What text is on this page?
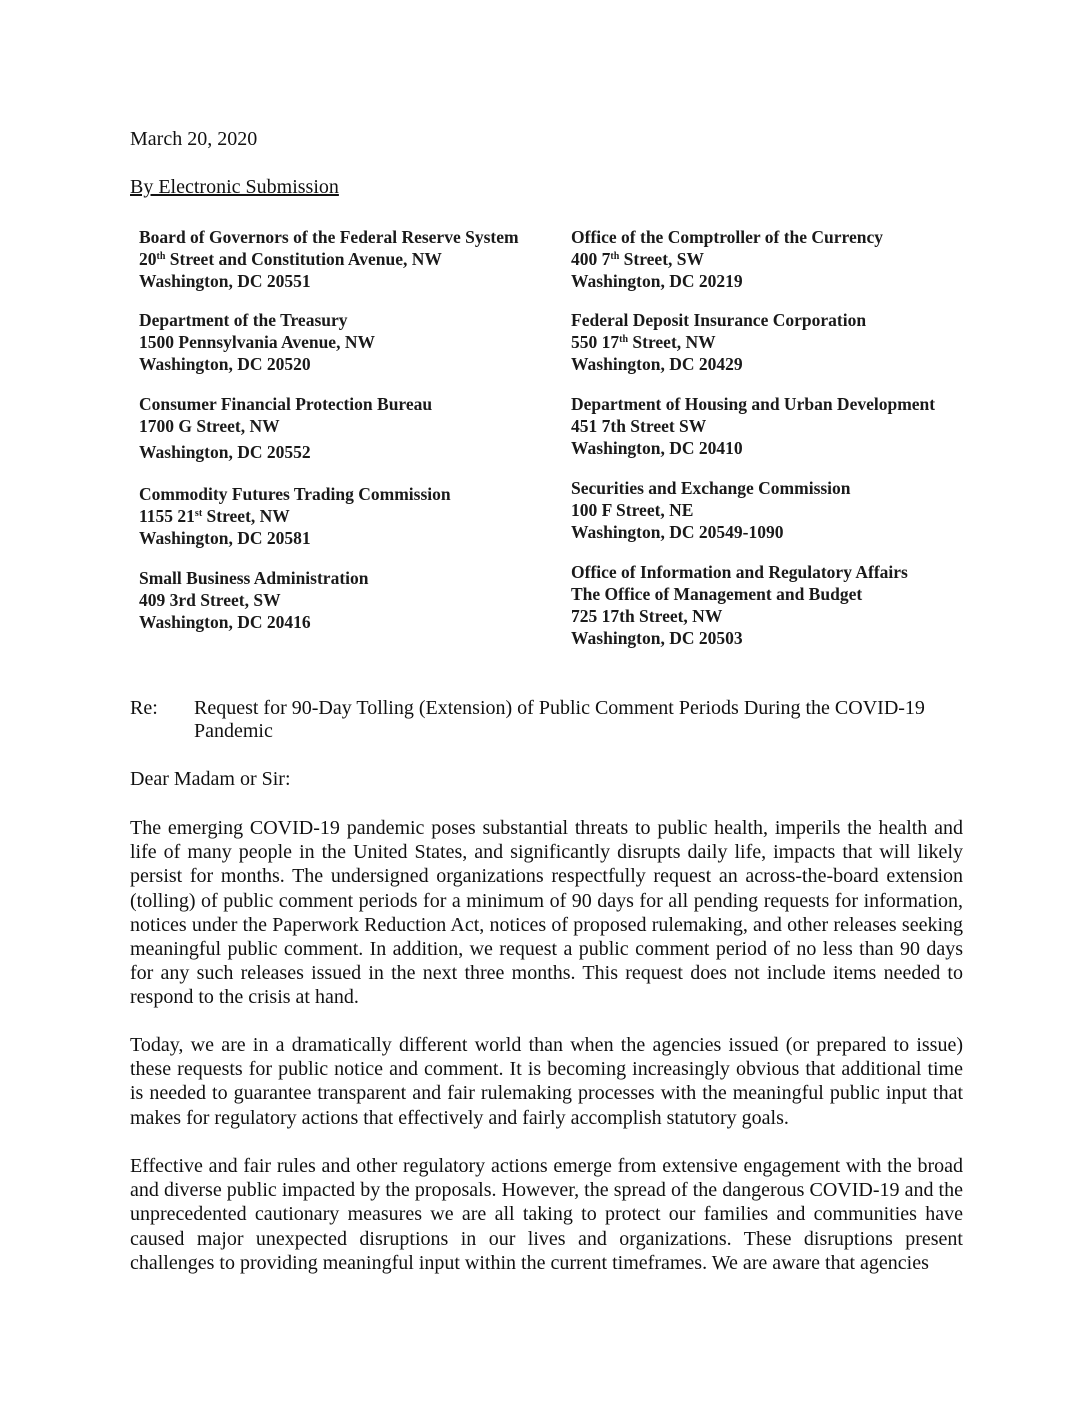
March 20, 2020
By Electronic Submission
Board of Governors of the Federal Reserve System
20th Street and Constitution Avenue, NW
Washington, DC 20551
Department of the Treasury
1500 Pennsylvania Avenue, NW
Washington, DC 20520
Consumer Financial Protection Bureau
1700 G Street, NW
Washington, DC 20552
Commodity Futures Trading Commission
1155 21st Street, NW
Washington, DC 20581
Small Business Administration
409 3rd Street, SW
Washington, DC 20416
Office of the Comptroller of the Currency
400 7th Street, SW
Washington, DC 20219
Federal Deposit Insurance Corporation
550 17th Street, NW
Washington, DC 20429
Department of Housing and Urban Development
451 7th Street SW
Washington, DC 20410
Securities and Exchange Commission
100 F Street, NE
Washington, DC 20549-1090
Office of Information and Regulatory Affairs
The Office of Management and Budget
725 17th Street, NW
Washington, DC 20503
Re: Request for 90-Day Tolling (Extension) of Public Comment Periods During the COVID-19 Pandemic
Dear Madam or Sir:

The emerging COVID-19 pandemic poses substantial threats to public health, imperils the health and life of many people in the United States, and significantly disrupts daily life, impacts that will likely persist for months. The undersigned organizations respectfully request an across-the-board extension (tolling) of public comment periods for a minimum of 90 days for all pending requests for information, notices under the Paperwork Reduction Act, notices of proposed rulemaking, and other releases seeking meaningful public comment. In addition, we request a public comment period of no less than 90 days for any such releases issued in the next three months. This request does not include items needed to respond to the crisis at hand.

Today, we are in a dramatically different world than when the agencies issued (or prepared to issue) these requests for public notice and comment. It is becoming increasingly obvious that additional time is needed to guarantee transparent and fair rulemaking processes with the meaningful public input that makes for regulatory actions that effectively and fairly accomplish statutory goals.

Effective and fair rules and other regulatory actions emerge from extensive engagement with the broad and diverse public impacted by the proposals. However, the spread of the dangerous COVID-19 and the unprecedented cautionary measures we are all taking to protect our families and communities have caused major unexpected disruptions in our lives and organizations. These disruptions present challenges to providing meaningful input within the current timeframes. We are aware that agencies
